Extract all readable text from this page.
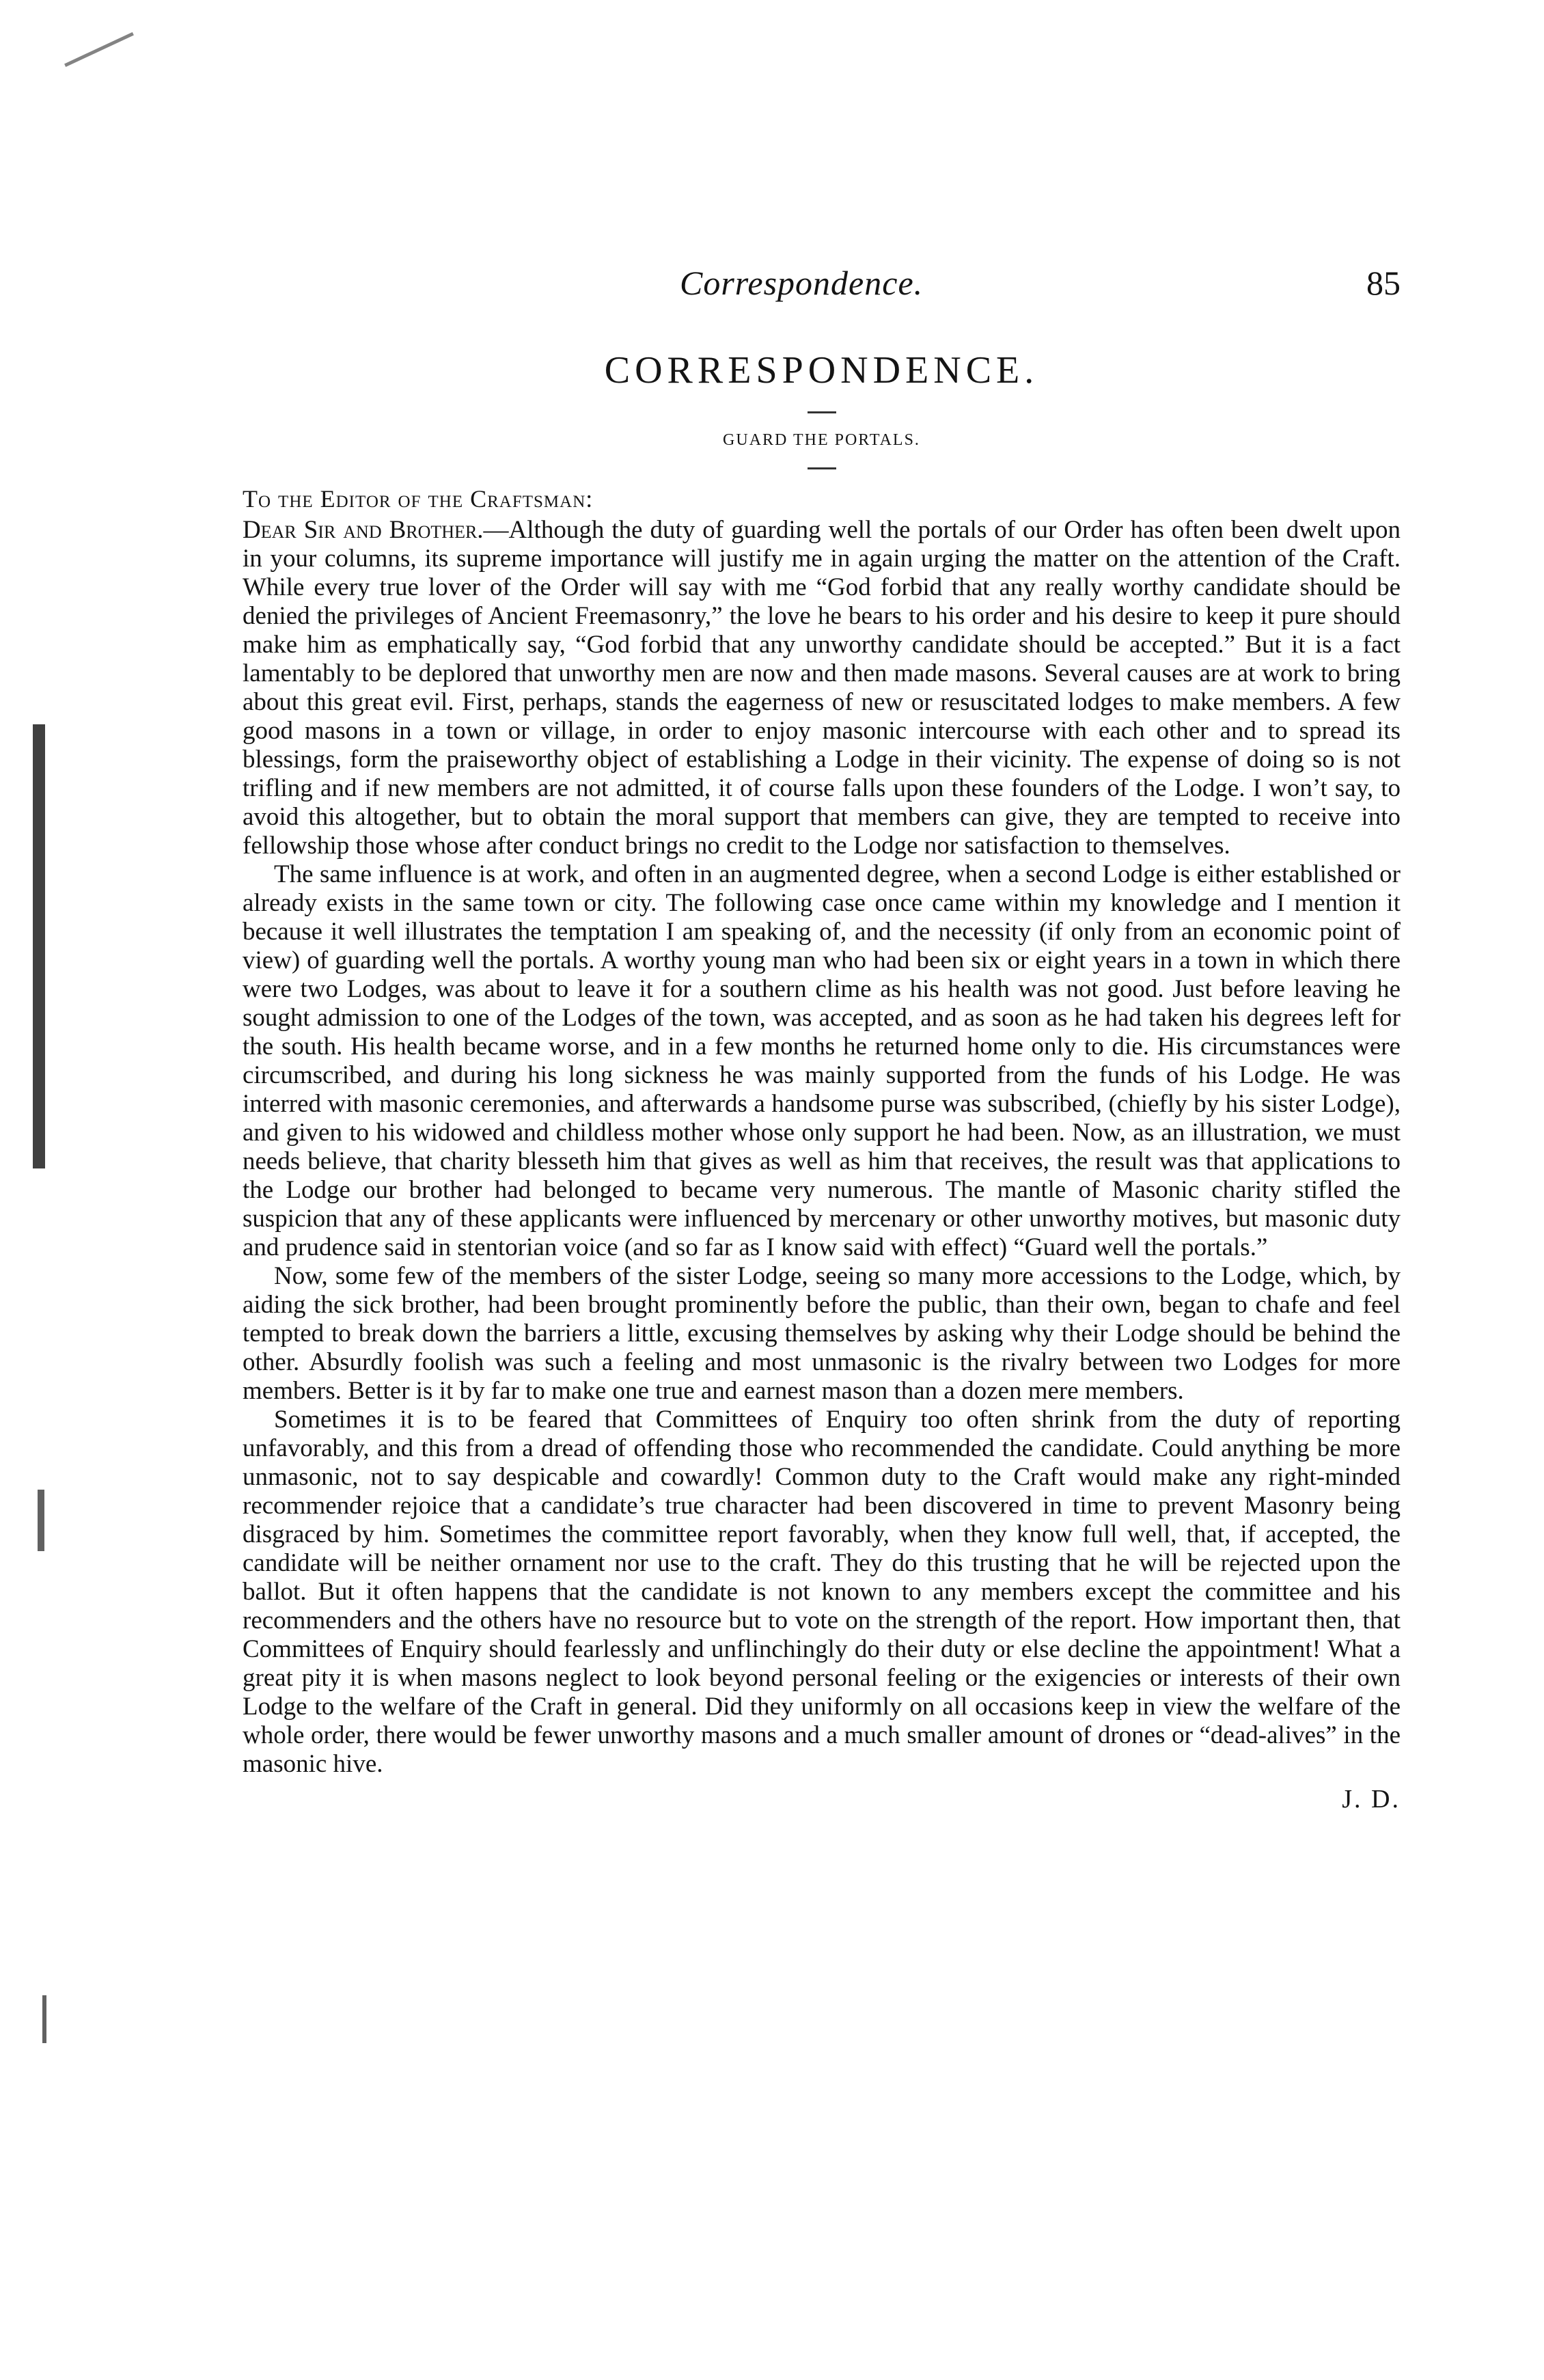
Correspondence.	85
CORRESPONDENCE.
GUARD THE PORTALS.
To the Editor of the Craftsman:

Dear Sir and Brother.—Although the duty of guarding well the portals of our Order has often been dwelt upon in your columns, its supreme importance will justify me in again urging the matter on the attention of the Craft. While every true lover of the Order will say with me “God forbid that any really worthy candidate should be denied the privileges of Ancient Freemasonry,” the love he bears to his order and his desire to keep it pure should make him as emphatically say, “God forbid that any unworthy candidate should be accepted.” But it is a fact lamentably to be deplored that unworthy men are now and then made masons. Several causes are at work to bring about this great evil. First, perhaps, stands the eagerness of new or resuscitated lodges to make members. A few good masons in a town or village, in order to enjoy masonic intercourse with each other and to spread its blessings, form the praiseworthy object of establishing a Lodge in their vicinity. The expense of doing so is not trifling and if new members are not admitted, it of course falls upon these founders of the Lodge. I won’t say, to avoid this altogether, but to obtain the moral support that members can give, they are tempted to receive into fellowship those whose after conduct brings no credit to the Lodge nor satisfaction to themselves.

The same influence is at work, and often in an augmented degree, when a second Lodge is either established or already exists in the same town or city. The following case once came within my knowledge and I mention it because it well illustrates the temptation I am speaking of, and the necessity (if only from an economic point of view) of guarding well the portals. A worthy young man who had been six or eight years in a town in which there were two Lodges, was about to leave it for a southern clime as his health was not good. Just before leaving he sought admission to one of the Lodges of the town, was accepted, and as soon as he had taken his degrees left for the south. His health became worse, and in a few months he returned home only to die. His circumstances were circumscribed, and during his long sickness he was mainly supported from the funds of his Lodge. He was interred with masonic ceremonies, and afterwards a handsome purse was subscribed, (chiefly by his sister Lodge), and given to his widowed and childless mother whose only support he had been. Now, as an illustration, we must needs believe, that charity blesseth him that gives as well as him that receives, the result was that applications to the Lodge our brother had belonged to became very numerous. The mantle of Masonic charity stifled the suspicion that any of these applicants were influenced by mercenary or other unworthy motives, but masonic duty and prudence said in stentorian voice (and so far as I know said with effect) “Guard well the portals.”

Now, some few of the members of the sister Lodge, seeing so many more accessions to the Lodge, which, by aiding the sick brother, had been brought prominently before the public, than their own, began to chafe and feel tempted to break down the barriers a little, excusing themselves by asking why their Lodge should be behind the other. Absurdly foolish was such a feeling and most unmasonic is the rivalry between two Lodges for more members. Better is it by far to make one true and earnest mason than a dozen mere members.

Sometimes it is to be feared that Committees of Enquiry too often shrink from the duty of reporting unfavorably, and this from a dread of offending those who recommended the candidate. Could anything be more unmasonic, not to say despicable and cowardly! Common duty to the Craft would make any right-minded recommender rejoice that a candidate’s true character had been discovered in time to prevent Masonry being disgraced by him. Sometimes the committee report favorably, when they know full well, that, if accepted, the candidate will be neither ornament nor use to the craft. They do this trusting that he will be rejected upon the ballot. But it often happens that the candidate is not known to any members except the committee and his recommenders and the others have no resource but to vote on the strength of the report. How important then, that Committees of Enquiry should fearlessly and unflinchingly do their duty or else decline the appointment! What a great pity it is when masons neglect to look beyond personal feeling or the exigencies or interests of their own Lodge to the welfare of the Craft in general. Did they uniformly on all occasions keep in view the welfare of the whole order, there would be fewer unworthy masons and a much smaller amount of drones or “dead-alives” in the masonic hive.

J. D.
